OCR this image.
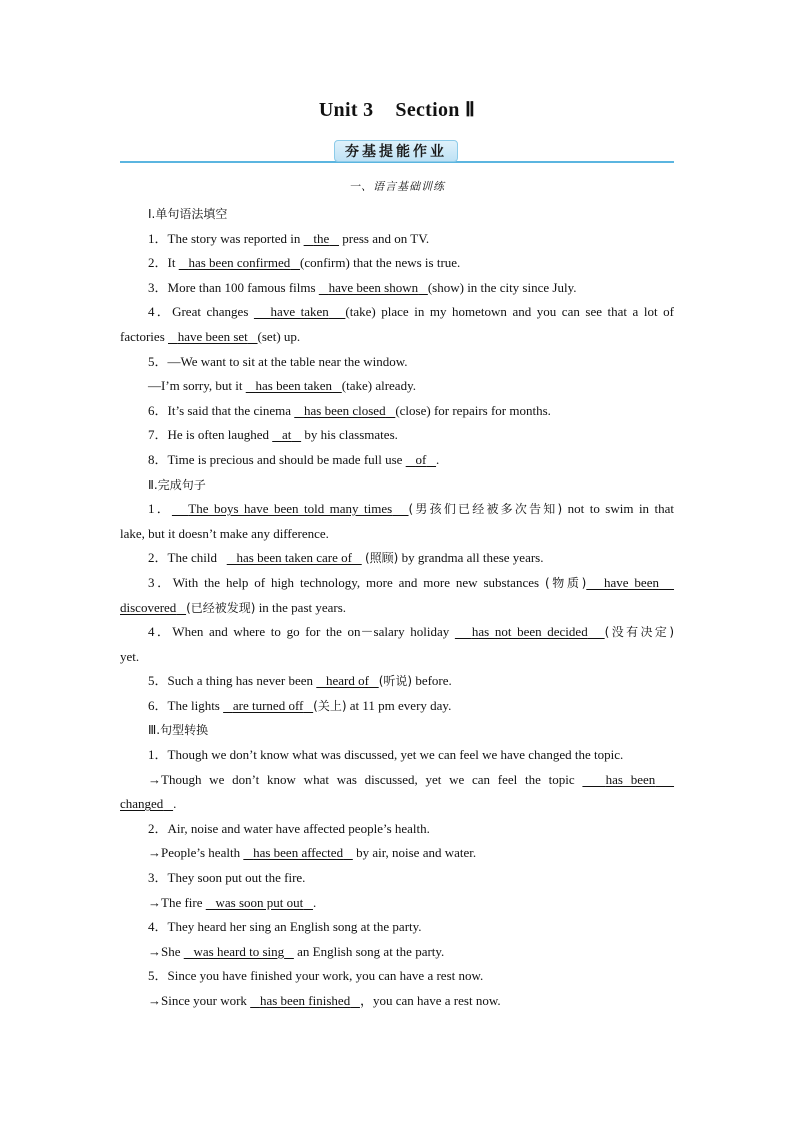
Unit 3 Section Ⅱ
夯基提能作业
一、语言基础训练
Ⅰ.单句语法填空
1．The story was reported in the press and on TV.
2．It has been confirmed (confirm) that the news is true.
3．More than 100 famous films have been shown (show) in the city since July.
4．Great changes have taken (take) place in my hometown and you can see that a lot of
factories have been set (set) up.
5．—We want to sit at the table near the window.
—I’m sorry, but it has been taken (take) already.
6．It’s said that the cinema has been closed (close) for repairs for months.
7．He is often laughed at by his classmates.
8．Time is precious and should be made full use of .
Ⅱ.完成句子
1． The boys have been told many times (男孩们已经被多次告知) not to swim in that
lake, but it doesn’t make any difference.
2．The child has been taken care of (照顾) by grandma all these years.
3．With the help of high technology, more and more new substances (物质) have been
discovered (已经被发现) in the past years.
4．When and where to go for the on－salary holiday has not been decided (没有决定)
yet.
5．Such a thing has never been heard of (听说) before.
6．The lights are turned off (关上) at 11 pm every day.
Ⅲ.句型转换
1．Though we don’t know what was discussed, yet we can feel we have changed the topic.
→Though we don’t know what was discussed, yet we can feel the topic has been
changed .
2．Air, noise and water have affected people’s health.
→People’s health has been affected by air, noise and water.
3．They soon put out the fire.
→The fire was soon put out .
4．They heard her sing an English song at the party.
→She was heard to sing an English song at the party.
5．Since you have finished your work, you can have a rest now.
→Since your work has been finished ，you can have a rest now.
